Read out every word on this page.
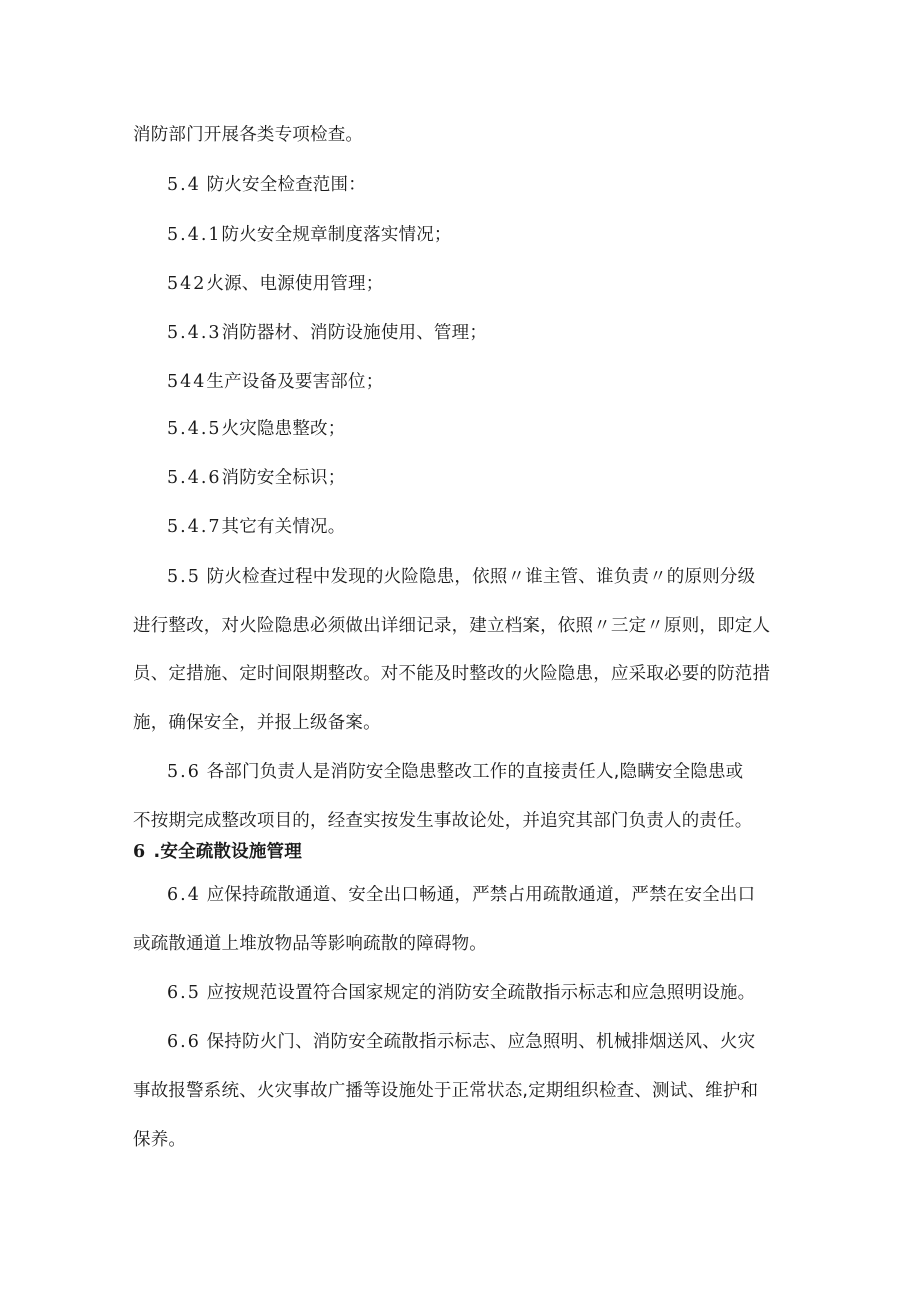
消防部门开展各类专项检查。
5.4 防火安全检查范围：
5.4.1防火安全规章制度落实情况；
542火源、电源使用管理；
5.4.3消防器材、消防设施使用、管理；
544生产设备及要害部位；
5.4.5火灾隐患整改；
5.4.6消防安全标识；
5.4.7其它有关情况。
5.5 防火检查过程中发现的火险隐患，依照〃谁主管、谁负责〃的原则分级
进行整改，对火险隐患必须做出详细记录，建立档案，依照〃三定〃原则，即定人
员、定措施、定时间限期整改。对不能及时整改的火险隐患，应采取必要的防范措
施，确保安全，并报上级备案。
5.6 各部门负责人是消防安全隐患整改工作的直接责任人,隐瞒安全隐患或
不按期完成整改项目的，经查实按发生事故论处，并追究其部门负责人的责任。
6 .安全疏散设施管理
6.4 应保持疏散通道、安全出口畅通，严禁占用疏散通道，严禁在安全出口
或疏散通道上堆放物品等影响疏散的障碍物。
6.5 应按规范设置符合国家规定的消防安全疏散指示标志和应急照明设施。
6.6 保持防火门、消防安全疏散指示标志、应急照明、机械排烟送风、火灾
事故报警系统、火灾事故广播等设施处于正常状态,定期组织检查、测试、维护和
保养。
